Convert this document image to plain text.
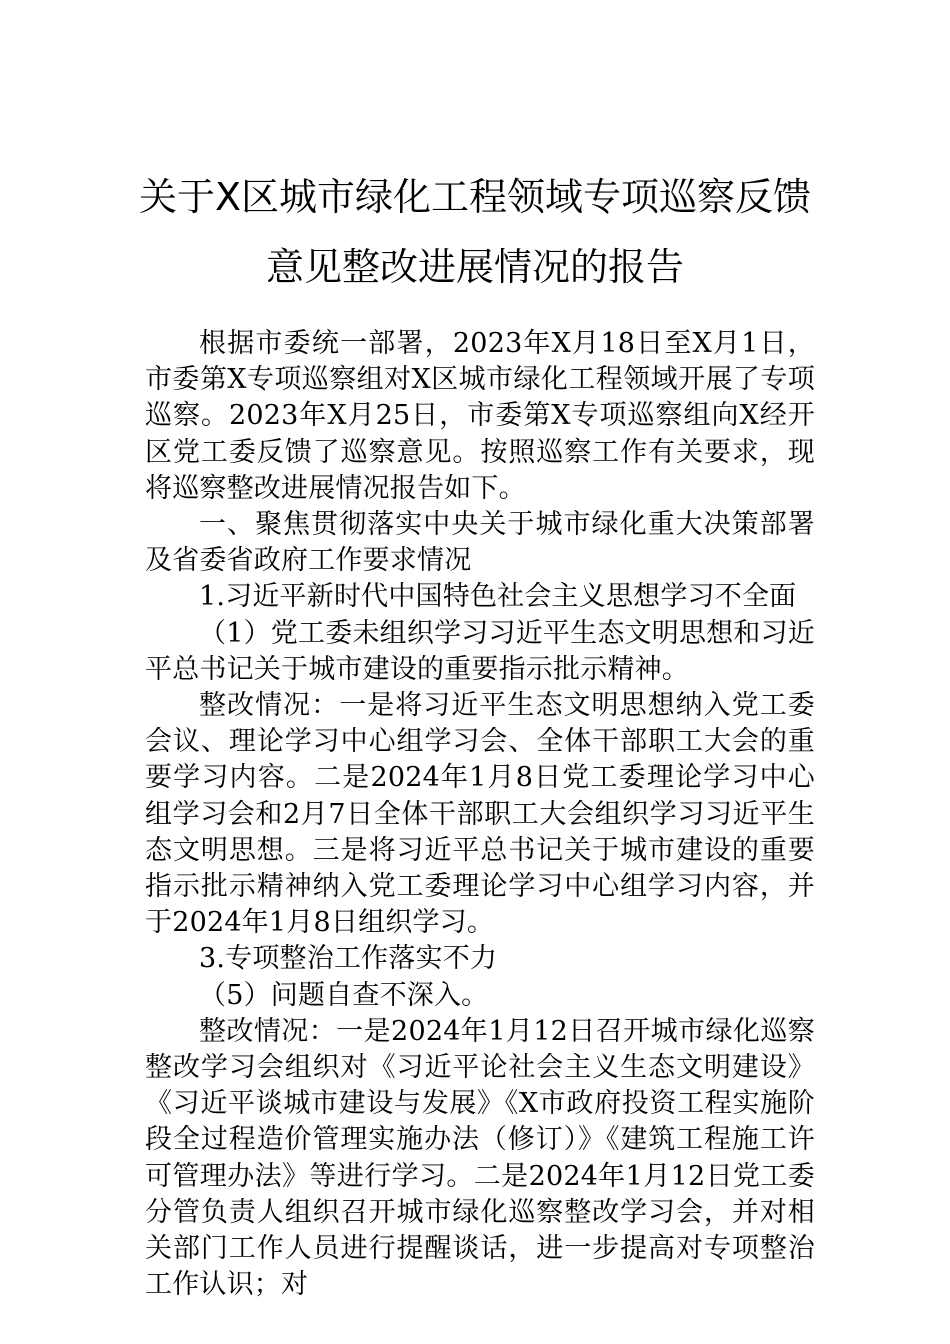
关于X区城市绿化工程领域专项巡察反馈
意见整改进展情况的报告

根据市委统一部署，2023年X月18日至X月1日，市委第X专项巡察组对X区城市绿化工程领域开展了专项巡察。2023年X月25日，市委第X专项巡察组向X经开区党工委反馈了巡察意见。按照巡察工作有关要求，现将巡察整改进展情况报告如下。

一、聚焦贯彻落实中央关于城市绿化重大决策部署及省委省政府工作要求情况

1.习近平新时代中国特色社会主义思想学习不全面

（1）党工委未组织学习习近平生态文明思想和习近平总书记关于城市建设的重要指示批示精神。

整改情况：一是将习近平生态文明思想纳入党工委会议、理论学习中心组学习会、全体干部职工大会的重要学习内容。二是2024年1月8日党工委理论学习中心组学习会和2月7日全体干部职工大会组织学习习近平生态文明思想。三是将习近平总书记关于城市建设的重要指示批示精神纳入党工委理论学习中心组学习内容，并于2024年1月8日组织学习。

3.专项整治工作落实不力

（5）问题自查不深入。

整改情况：一是2024年1月12日召开城市绿化巡察整改学习会组织对《习近平论社会主义生态文明建设》《习近平谈城市建设与发展》《X市政府投资工程实施阶段全过程造价管理实施办法（修订）》《建筑工程施工许可管理办法》等进行学习。二是2024年1月12日党工委分管负责人组织召开城市绿化巡察整改学习会，并对相关部门工作人员进行提醒谈话，进一步提高对专项整治工作认识；对
